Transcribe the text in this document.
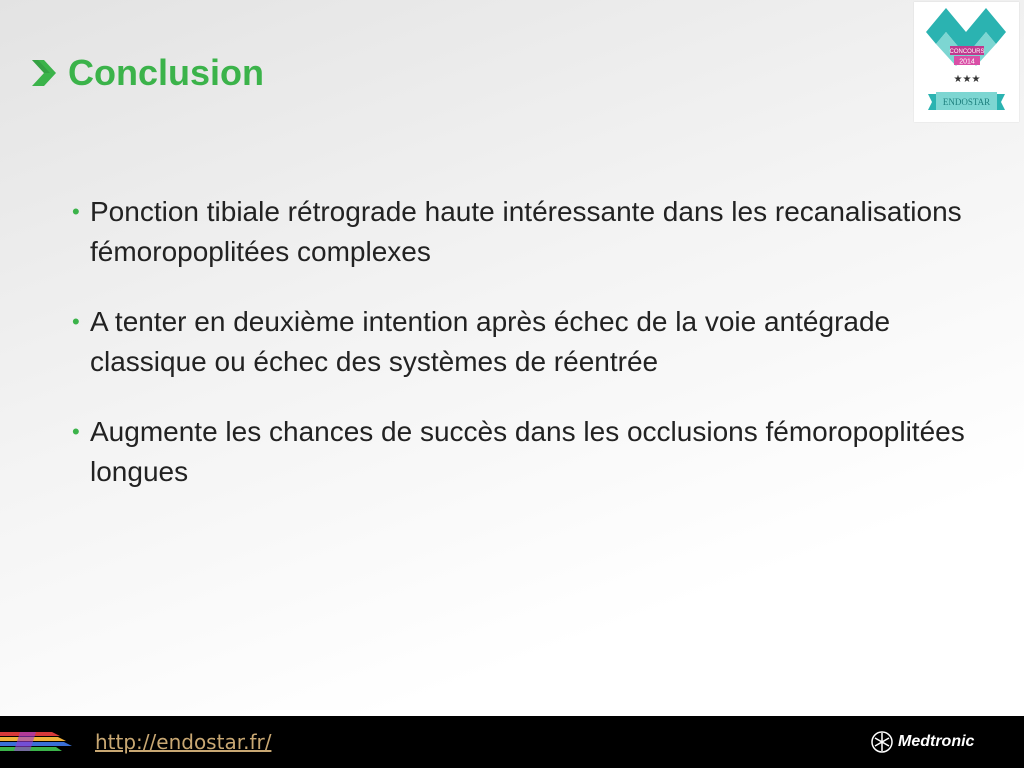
Conclusion	CONCOURS
2014
★★★
ENDOSTAR
• Ponction tibiale rétrograde haute intéressante dans les recanalisations fémoropoplitées complexes
• A tenter en deuxième intention après échec de la voie antégrade classique ou échec des systèmes de réentrée
• Augmente les chances de succès dans les occlusions fémoropoplitées longues
http://endostar.fr/	Medtronic
